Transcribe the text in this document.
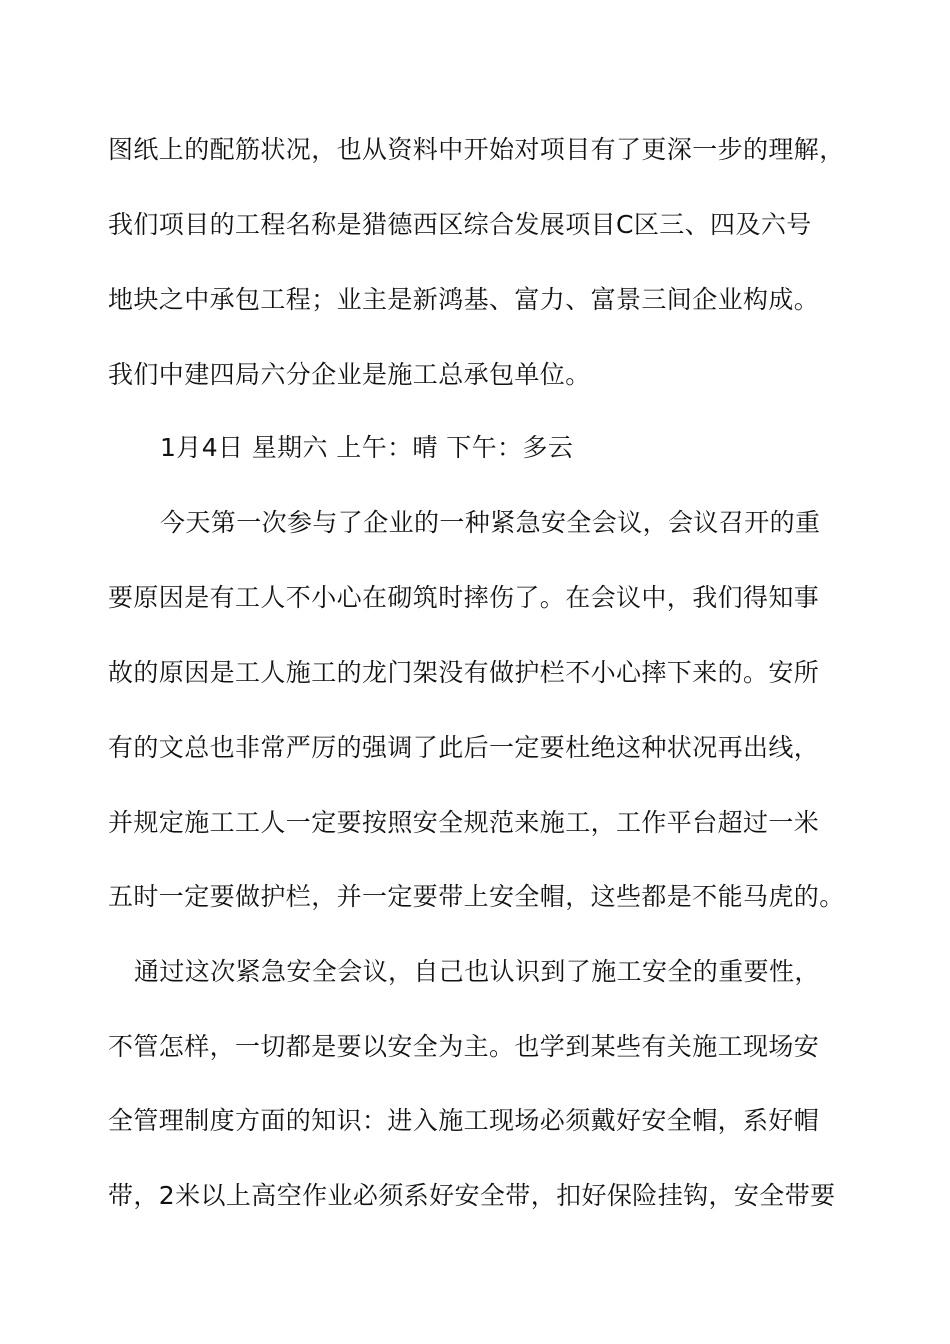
图纸上的配筋状况，也从资料中开始对项目有了更深一步的理解，
我们项目的工程名称是猎德西区综合发展项目C区三、四及六号
地块之中承包工程；业主是新鸿基、富力、富景三间企业构成。
我们中建四局六分企业是施工总承包单位。
1月4日 星期六 上午：晴 下午：多云
今天第一次参与了企业的一种紧急安全会议，会议召开的重
要原因是有工人不小心在砌筑时摔伤了。在会议中，我们得知事
故的原因是工人施工的龙门架没有做护栏不小心摔下来的。安所
有的文总也非常严厉的强调了此后一定要杜绝这种状况再出线，
并规定施工工人一定要按照安全规范来施工，工作平台超过一米
五时一定要做护栏，并一定要带上安全帽，这些都是不能马虎的。
通过这次紧急安全会议，自己也认识到了施工安全的重要性，
不管怎样，一切都是要以安全为主。也学到某些有关施工现场安
全管理制度方面的知识：进入施工现场必须戴好安全帽，系好帽
带，2米以上高空作业必须系好安全带，扣好保险挂钩，安全带要
